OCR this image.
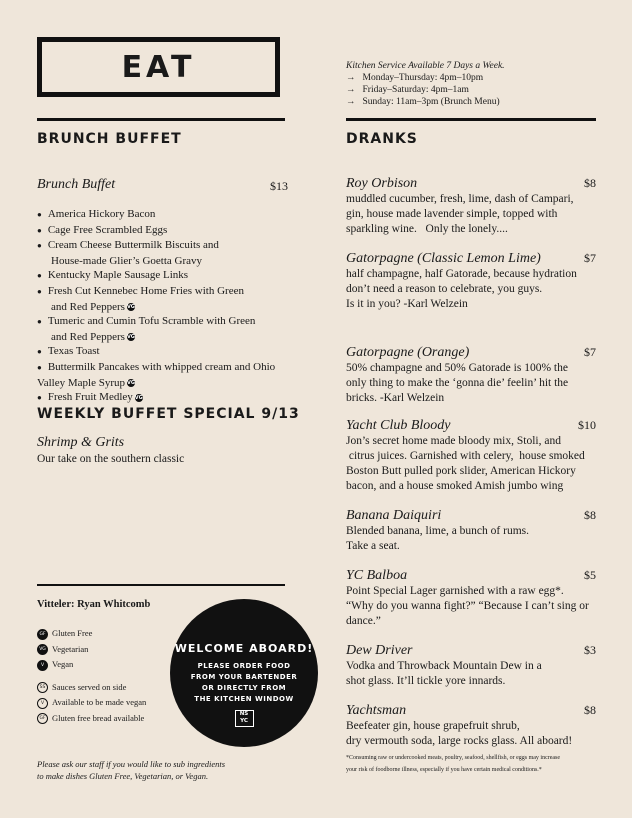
EAT	Kitchen Service Available 7 Days a Week.
→ Monday–Thursday: 4pm–10pm
→ Friday–Saturday: 4pm–1am
→ Sunday: 11am–3pm (Brunch Menu)
BRUNCH BUFFET
Brunch Buffet	$13
● America Hickory Bacon
● Cage Free Scrambled Eggs
● Cream Cheese Buttermilk Biscuits and
House-made Glier’s Goetta Gravy
● Kentucky Maple Sausage Links
● Fresh Cut Kennebec Home Fries with Green
and Red Peppers VG
● Tumeric and Cumin Tofu Scramble with Green
and Red Peppers VG
● Texas Toast
● Buttermilk Pancakes with whipped cream and Ohio
Valley Maple Syrup VG
● Fresh Fruit Medley VG
WEEKLY BUFFET SPECIAL 9/13
Shrimp & Grits
Our take on the southern classic
Vitteler: Ryan Whitcomb
GF Gluten Free
VG Vegetarian
V Vegan
SS Sauces served on side
V Available to be made vegan
GF Gluten free bread available
Please ask our staff if you would like to sub ingredients
to make dishes Gluten Free, Vegetarian, or Vegan.
WELCOME ABOARD!
PLEASE ORDER FOOD
FROM YOUR BARTENDER
OR DIRECTLY FROM
THE KITCHEN WINDOW
NS
YC
DRANKS
Roy Orbison	$8
muddled cucumber, fresh, lime, dash of Campari,
gin, house made lavender simple, topped with
sparkling wine.   Only the lonely....
Gatorpagne (Classic Lemon Lime)	$7
half champagne, half Gatorade, because hydration
don’t need a reason to celebrate, you guys.
Is it in you? -Karl Welzein
Gatorpagne (Orange)	$7
50% champagne and 50% Gatorade is 100% the
only thing to make the ‘gonna die’ feelin’ hit the
bricks. -Karl Welzein
Yacht Club Bloody	$10
Jon’s secret home made bloody mix, Stoli, and
citrus juices. Garnished with celery,  house smoked
Boston Butt pulled pork slider, American Hickory
bacon, and a house smoked Amish jumbo wing
Banana Daiquiri	$8
Blended banana, lime, a bunch of rums.
Take a seat.
YC Balboa	$5
Point Special Lager garnished with a raw egg*.
“Why do you wanna fight?” “Because I can’t sing or
dance.”
Dew Driver	$3
Vodka and Throwback Mountain Dew in a
shot glass. It’ll tickle yore innards.
Yachtsman	$8
Beefeater gin, house grapefruit shrub,
dry vermouth soda, large rocks glass. All aboard!
*Consuming raw or undercooked meats, poultry, seafood, shellfish, or eggs may increase
your risk of foodborne illness, especially if you have certain medical conditions.*
